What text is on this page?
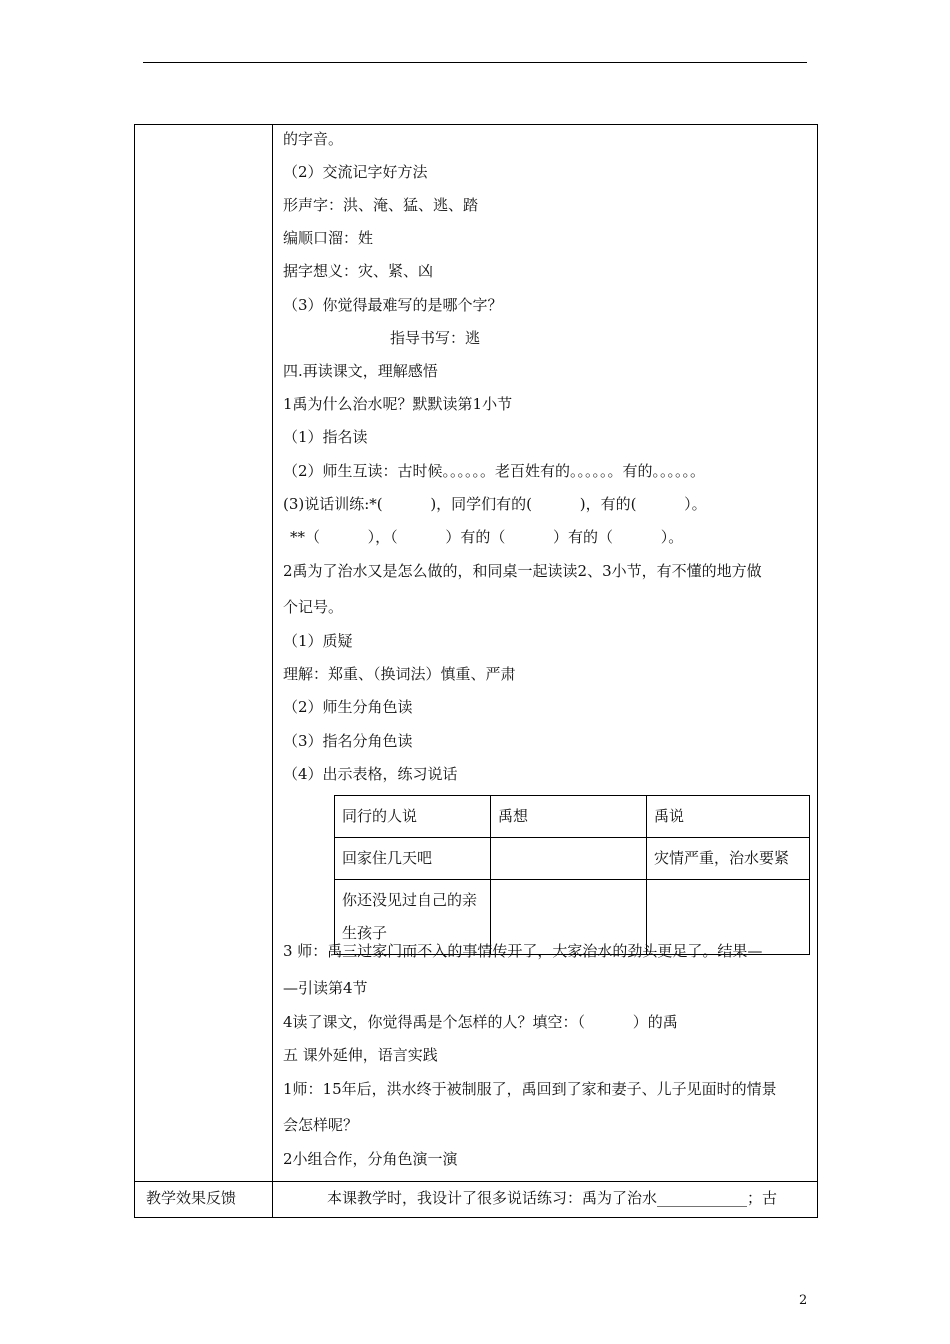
的字音。
（2）交流记字好方法
形声字：洪、淹、猛、逃、踏
编顺口溜：姓
据字想义：灾、紧、凶
（3）你觉得最难写的是哪个字？
指导书写：逃
四.再读课文，理解感悟
1禹为什么治水呢？默默读第1小节
（1）指名读
（2）师生互读：古时候。。。。。。老百姓有的。。。。。。有的。。。。。。
(3)说话训练:*(          )，同学们有的(          )，有的(          ）。
**（          ），（          ）有的（          ）有的（          ）。
2禹为了治水又是怎么做的，和同桌一起读读2、3小节，有不懂的地方做
个记号。
（1）质疑
理解：郑重、（换词法）慎重、严肃
（2）师生分角色读
（3）指名分角色读
（4）出示表格，练习说话
同行的人说	禹想	禹说
回家住几天吧		灾情严重，治水要紧
你还没见过自己的亲生孩子		
3 师：禹三过家门而不入的事情传开了，大家治水的劲头更足了。结果—
—引读第4节
4读了课文，你觉得禹是个怎样的人？填空：（          ）的禹
五 课外延伸，语言实践
1师：15年后，洪水终于被制服了，禹回到了家和妻子、儿子见面时的情景
会怎样呢？
2小组合作，分角色演一演
教学效果反馈	本课教学时，我设计了很多说话练习：禹为了治水____________；古
2
